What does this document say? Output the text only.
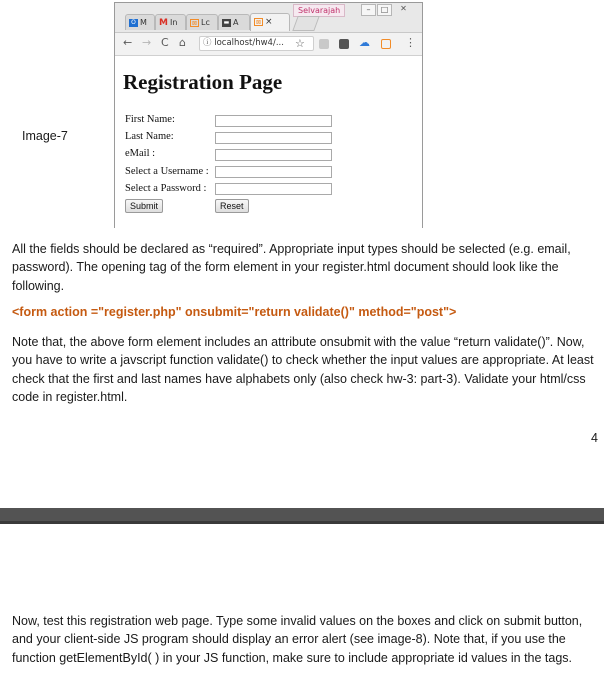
Image-7
Selvarajah	–	□	✕
O M	M In	⊠ Lc	▬ A	⊠ ×
← → C ⌂	ⓘ localhost/hw4/...	☆	☁	⋮
Registration Page
First Name:
Last Name:
eMail :
Select a Username :
Select a Password :
Submit	Reset

All the fields should be declared as “required”. Appropriate input types should be selected (e.g. email, password). The opening tag of the form element in your register.html document should look like the following.

<form action ="register.php" onsubmit="return validate()" method="post">

Note that, the above form element includes an attribute onsubmit with the value “return validate()”. Now, you have to write a javscript function validate() to check whether the input values are appropriate. At least check that the first and last names have alphabets only (also check hw-3: part-3). Validate your html/css code in register.html.

4

Now, test this registration web page. Type some invalid values on the boxes and click on submit button, and your client-side JS program should display an error alert (see image-8). Note that, if you use the function getElementById( ) in your JS function, make sure to include appropriate id values in the tags.
